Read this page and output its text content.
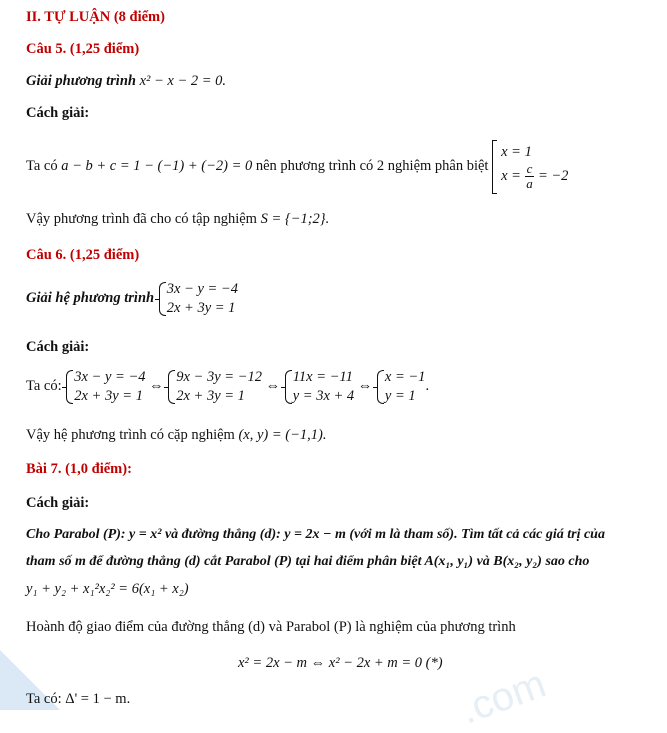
.com
II. TỰ LUẬN (8 điểm)
Câu 5. (1,25 điểm)
Giải phương trình x² − x − 2 = 0.
Cách giải:
Ta có a − b + c = 1 − (−1) + (−2) = 0 nên phương trình có 2 nghiệm phân biệt
x = 1
$x = \frac{c}{a} = -2$
Vậy phương trình đã cho có tập nghiệm S = {−1;2}.
Câu 6. (1,25 điểm)
Giải hệ phương trình
3x − y = −4
2x + 3y = 1
Cách giải:
Ta có:
3x − y = −4
2x + 3y = 1
⇔
9x − 3y = −12
2x + 3y = 1
⇔
11x = −11
y = 3x + 4
⇔
x = −1
y = 1
.
Vậy hệ phương trình có cặp nghiệm (x, y) = (−1,1).
Bài 7. (1,0 điểm):
Cách giải:
Cho Parabol (P): y = x² và đường thẳng (d): y = 2x − m (với m là tham số). Tìm tất cả các giá trị của
tham số m để đường thẳng (d) cắt Parabol (P) tại hai điểm phân biệt A(x₁, y₁) và B(x₂, y₂) sao cho
y₁ + y₂ + x₁²x₂² = 6(x₁ + x₂)
Hoành độ giao điểm của đường thẳng (d) và Parabol (P) là nghiệm của phương trình
x² = 2x − m ⇔ x² − 2x + m = 0 (*)
Ta có: Δ' = 1 − m.
